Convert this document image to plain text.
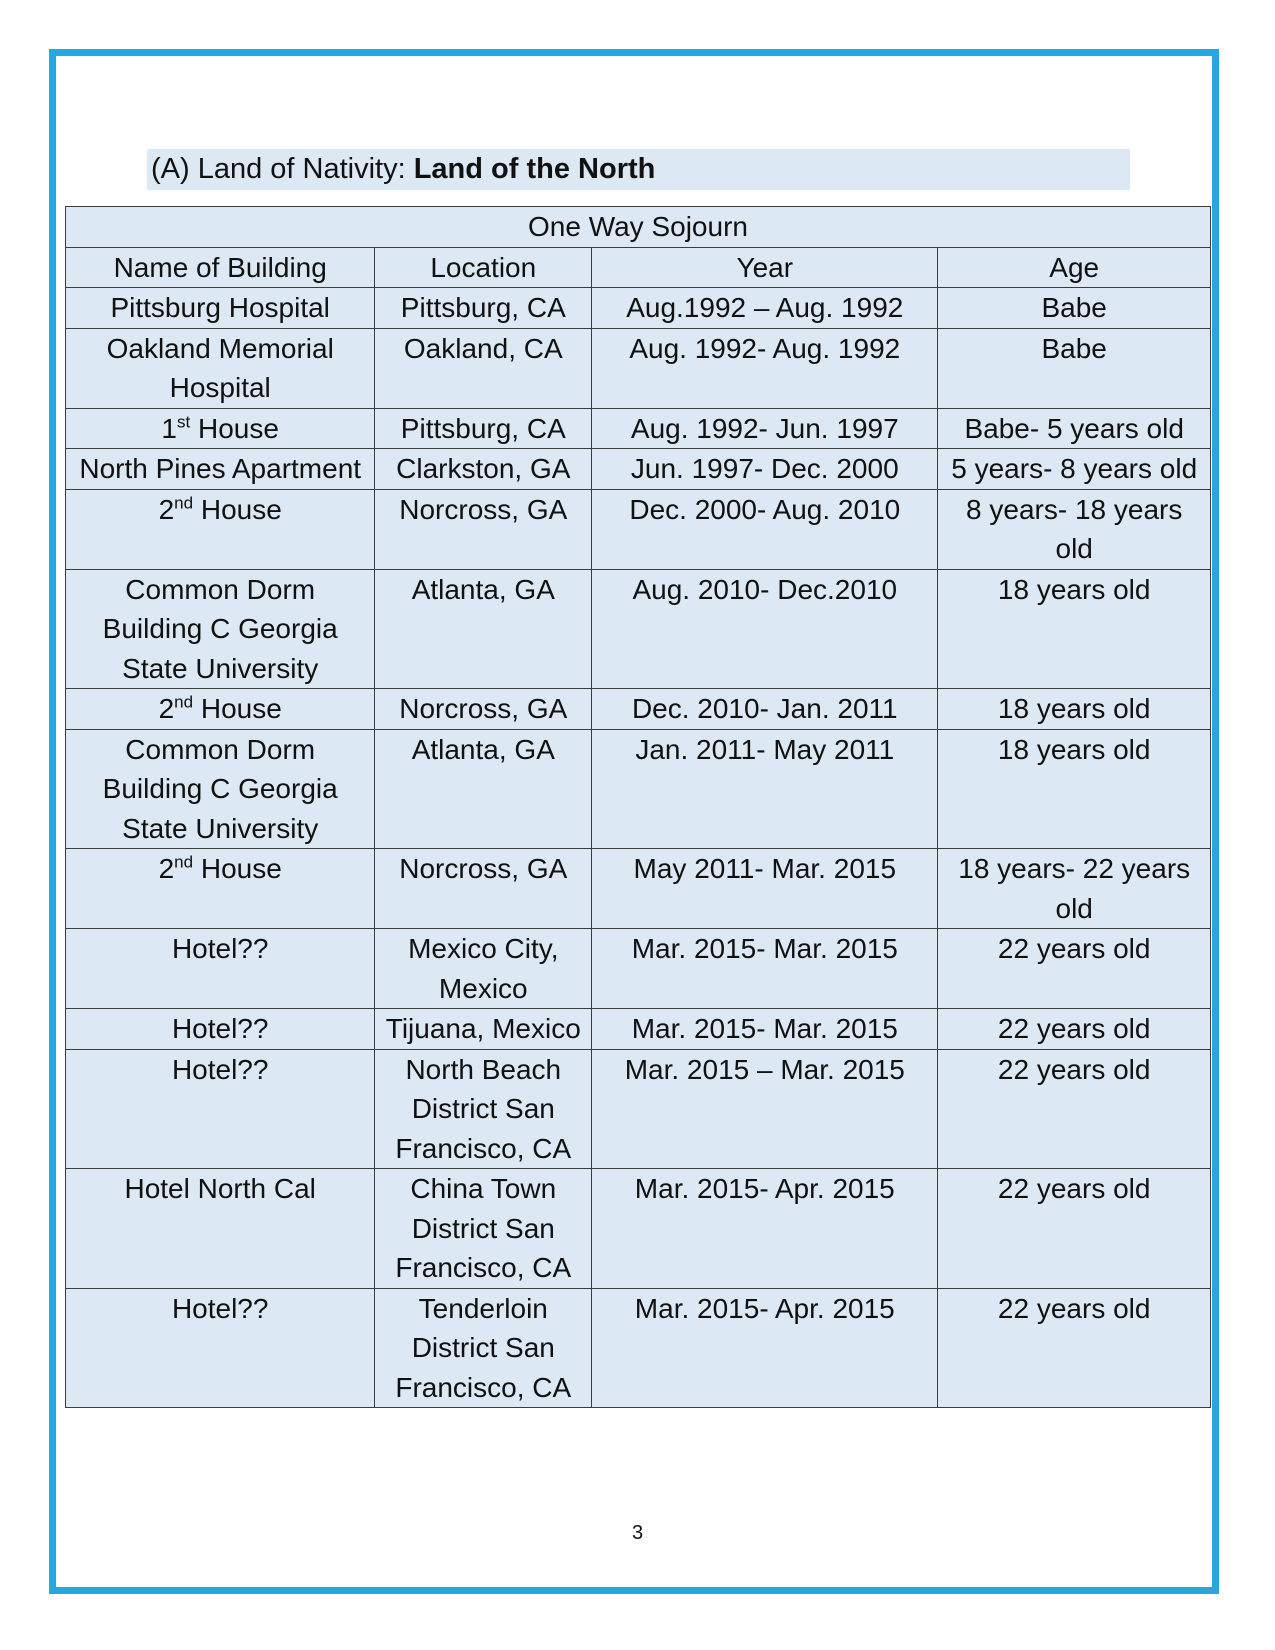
(A) Land of Nativity: Land of the North
One Way Sojourn			
Name of Building	Location	Year	Age
Pittsburg Hospital	Pittsburg, CA	Aug.1992 – Aug. 1992	Babe
Oakland Memorial Hospital	Oakland, CA	Aug. 1992- Aug. 1992	Babe
1st House	Pittsburg, CA	Aug. 1992- Jun. 1997	Babe- 5 years old
North Pines Apartment	Clarkston, GA	Jun. 1997- Dec. 2000	5 years- 8 years old
2nd House	Norcross, GA	Dec. 2000- Aug. 2010	8 years- 18 years old
Common Dorm Building C Georgia State University	Atlanta, GA	Aug. 2010- Dec.2010	18 years old
2nd House	Norcross, GA	Dec. 2010- Jan. 2011	18 years old
Common Dorm Building C Georgia State University	Atlanta, GA	Jan. 2011- May 2011	18 years old
2nd House	Norcross, GA	May 2011- Mar. 2015	18 years- 22 years old
Hotel??	Mexico City, Mexico	Mar. 2015- Mar. 2015	22 years old
Hotel??	Tijuana, Mexico	Mar. 2015- Mar. 2015	22 years old
Hotel??	North Beach District San Francisco, CA	Mar. 2015 – Mar. 2015	22 years old
Hotel North Cal	China Town District San Francisco, CA	Mar. 2015- Apr. 2015	22 years old
Hotel??	Tenderloin District San Francisco, CA	Mar. 2015- Apr. 2015	22 years old
3
